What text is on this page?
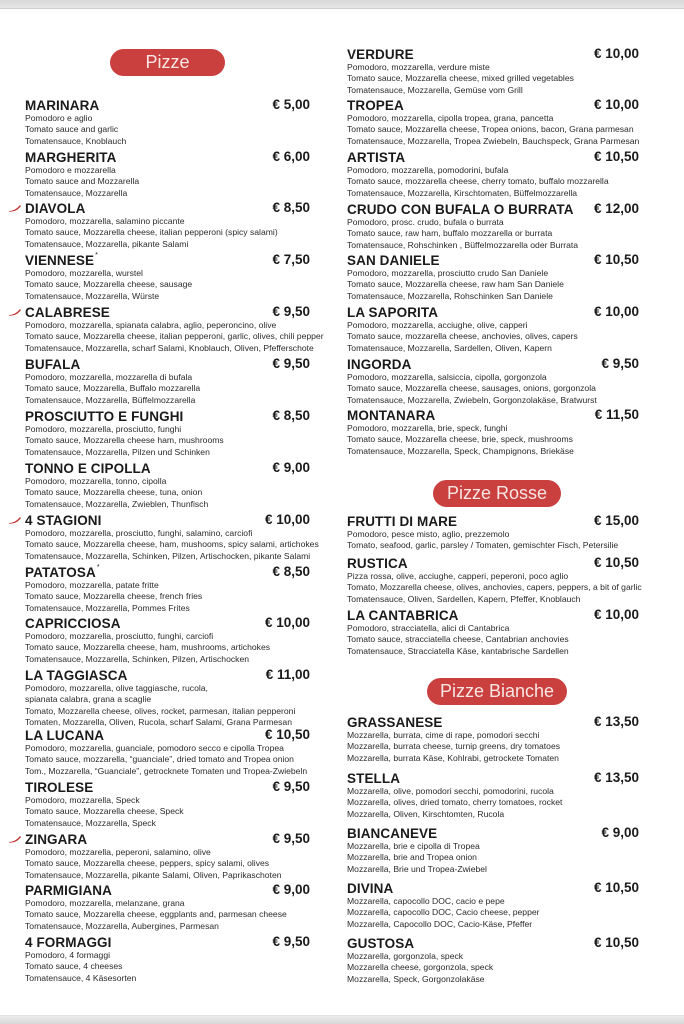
Pizze
Pizze Rosse
Pizze Bianche
MARINARA	€ 5,00
Pomodoro e aglio
Tomato sauce and garlic
Tomatensauce, Knoblauch
MARGHERITA	€ 6,00
Pomodoro e mozzarella
Tomato sauce and Mozzarella
Tomatensauce, Mozzarella
DIAVOLA	€ 8,50
Pomodoro, mozzarella, salamino piccante
Tomato sauce, Mozzarella cheese, italian pepperoni (spicy salami)
Tomatensauce, Mozzarella, pikante Salami
VIENNESE*	€ 7,50
Pomodoro, mozzarella, wurstel
Tomato sauce, Mozzarella cheese, sausage
Tomatensauce, Mozzarella, Würste
CALABRESE	€ 9,50
Pomodoro, mozzarella, spianata calabra, aglio, peperoncino, olive
Tomato sauce, Mozzarella cheese, italian pepperoni, garlic, olives, chili pepper
Tomatensauce, Mozzarella, scharf Salami, Knoblauch, Oliven, Pfefferschote
BUFALA	€ 9,50
Pomodoro, mozzarella, mozzarella di bufala
Tomato sauce, Mozzarella, Buffalo mozzarella
Tomatensauce, Mozzarella, Büffelmozzarella
PROSCIUTTO E FUNGHI	€ 8,50
Pomodoro, mozzarella, prosciutto, funghi
Tomato sauce, Mozzarella cheese ham, mushrooms
Tomatensauce, Mozzarella, Pilzen und Schinken
TONNO E CIPOLLA	€ 9,00
Pomodoro, mozzarella, tonno, cipolla
Tomato sauce, Mozzarella cheese, tuna, onion
Tomatensauce, Mozzarella, Zwieblen, Thunfisch
4 STAGIONI	€ 10,00
Pomodoro, mozzarella, prosciutto, funghi, salamino, carciofi
Tomato sauce, Mozzarella cheese, ham, mushooms, spicy salami, artichokes
Tomatensauce, Mozzarella, Schinken, Pilzen, Artischocken, pikante Salami
PATATOSA*	€ 8,50
Pomodoro, mozzarella, patate fritte
Tomato sauce, Mozzarella cheese, french fries
Tomatensauce, Mozzarella, Pommes Frites
CAPRICCIOSA	€ 10,00
Pomodoro, mozzarella, prosciutto, funghi, carciofi
Tomato sauce, Mozzarella cheese, ham, mushrooms, artichokes
Tomatensauce, Mozzarella, Schinken, Pilzen, Artischocken
LA TAGGIASCA	€ 11,00
Pomodoro, mozzarella, olive taggiasche, rucola,
spianata calabra, grana a scaglie
Tomato, Mozzarella cheese, olives, rocket, parmesan, italian pepperoni
Tomaten, Mozzarella, Oliven, Rucola, scharf Salami, Grana Parmesan
LA LUCANA	€ 10,50
Pomodoro, mozzarella, guanciale, pomodoro secco e cipolla Tropea
Tomato sauce, mozzarella, “guanciale”, dried tomato and Tropea onion
Tom., Mozzarella, “Guanciale”, getrocknete Tomaten und Tropea-Zwiebeln
TIROLESE	€ 9,50
Pomodoro, mozzarella, Speck
Tomato sauce, Mozzarella cheese, Speck
Tomatensauce, Mozzarella, Speck
ZINGARA	€ 9,50
Pomodoro, mozzarella, peperoni, salamino, olive
Tomato sauce, Mozzarella cheese, peppers, spicy salami, olives
Tomatensauce, Mozzarella, pikante Salami, Oliven, Paprikaschoten
PARMIGIANA	€ 9,00
Pomodoro, mozzarella, melanzane, grana
Tomato sauce, Mozzarella cheese, eggplants and, parmesan cheese
Tomatensauce, Mozzarella, Aubergines, Parmesan
4 FORMAGGI	€ 9,50
Pomodoro, 4 formaggi
Tomato sauce, 4 cheeses
Tomatensauce, 4 Käsesorten
VERDURE	€ 10,00
Pomodoro, mozzarella, verdure miste
Tomato sauce, Mozzarella cheese, mixed grilled vegetables
Tomatensauce, Mozzarella, Gemüse vom Grill
TROPEA	€ 10,00
Pomodoro, mozzarella, cipolla tropea, grana, pancetta
Tomato sauce, Mozzarella cheese, Tropea onions, bacon, Grana parmesan
Tomatensauce, Mozzarella, Tropea Zwiebeln, Bauchspeck, Grana Parmesan
ARTISTA	€ 10,50
Pomodoro, mozzarella, pomodorini, bufala
Tomato sauce, mozzarella cheese, cherry tomato, buffalo mozzarella
Tomatensauce, Mozzarella, Kirschtomaten, Büffelmozzarella
CRUDO CON BUFALA O BURRATA € 12,00
Pomodoro, prosc. crudo, bufala o burrata
Tomato sauce, raw ham, buffalo mozzarella or burrata
Tomatensauce, Rohschinken , Büffelmozzarella oder Burrata
SAN DANIELE	€ 10,50
Pomodoro, mozzarella, prosciutto crudo San Daniele
Tomato sauce, Mozzarella cheese, raw ham San Daniele
Tomatensauce, Mozzarella, Rohschinken San Daniele
LA SAPORITA	€ 10,00
Pomodoro, mozzarella, acciughe, olive, capperi
Tomato sauce, mozzarella cheese, anchovies, olives, capers
Tomatensauce, Mozzarella, Sardellen, Oliven, Kapern
INGORDA	€ 9,50
Pomodoro, mozzarella, salsiccia, cipolla, gorgonzola
Tomato sauce, Mozzarella cheese, sausages, onions, gorgonzola
Tomatensauce, Mozzarella, Zwiebeln, Gorgonzolakäse, Bratwurst
MONTANARA	€ 11,50
Pomodoro, mozzarella, brie, speck, funghi
Tomato sauce, Mozzarella cheese, brie, speck, mushrooms
Tomatensauce, Mozzarella, Speck, Champignons, Briekäse
FRUTTI DI MARE	€ 15,00
Pomodoro, pesce misto, aglio, prezzemolo
Tomato, seafood, garlic, parsley / Tomaten, gemischter Fisch, Petersilie
RUSTICA	€ 10,50
Pizza rossa, olive, acciughe, capperi, peperoni, poco aglio
Tomato, Mozzarella cheese, olives, anchovies, capers, peppers, a bit of garlic
Tomatensauce, Oliven, Sardellen, Kapern, Pfeffer, Knoblauch
LA CANTABRICA	€ 10,00
Pomodoro, stracciatella, alici di Cantabrica
Tomato sauce, stracciatella cheese, Cantabrian anchovies
Tomatensauce, Stracciatella Käse, kantabrische Sardellen
GRASSANESE	€ 13,50
Mozzarella, burrata, cime di rape, pomodori secchi
Mozzarella, burrata cheese, turnip greens, dry tomatoes
Mozzarella, burrata Käse, Kohlrabi, getrockete Tomaten
STELLA	€ 13,50
Mozzarella, olive, pomodori secchi, pomodorini, rucola
Mozzarella, olives, dried tomato, cherry tomatoes, rocket
Mozzarella, Oliven, Kirschtomten, Rucola
BIANCANEVE	€ 9,00
Mozzarella, brie e cipolla di Tropea
Mozzarella, brie and Tropea onion
Mozzarella, Brie und Tropea-Zwiebel
DIVINA	€ 10,50
Mozzarella, capocollo DOC, cacio e pepe
Mozzarella, capocollo DOC, Cacio cheese, pepper
Mozzarella, Capocollo DOC, Cacio-Käse, Pfeffer
GUSTOSA	€ 10,50
Mozzarella, gorgonzola, speck
Mozzarella cheese, gorgonzola, speck
Mozzarella, Speck, Gorgonzolakäse
